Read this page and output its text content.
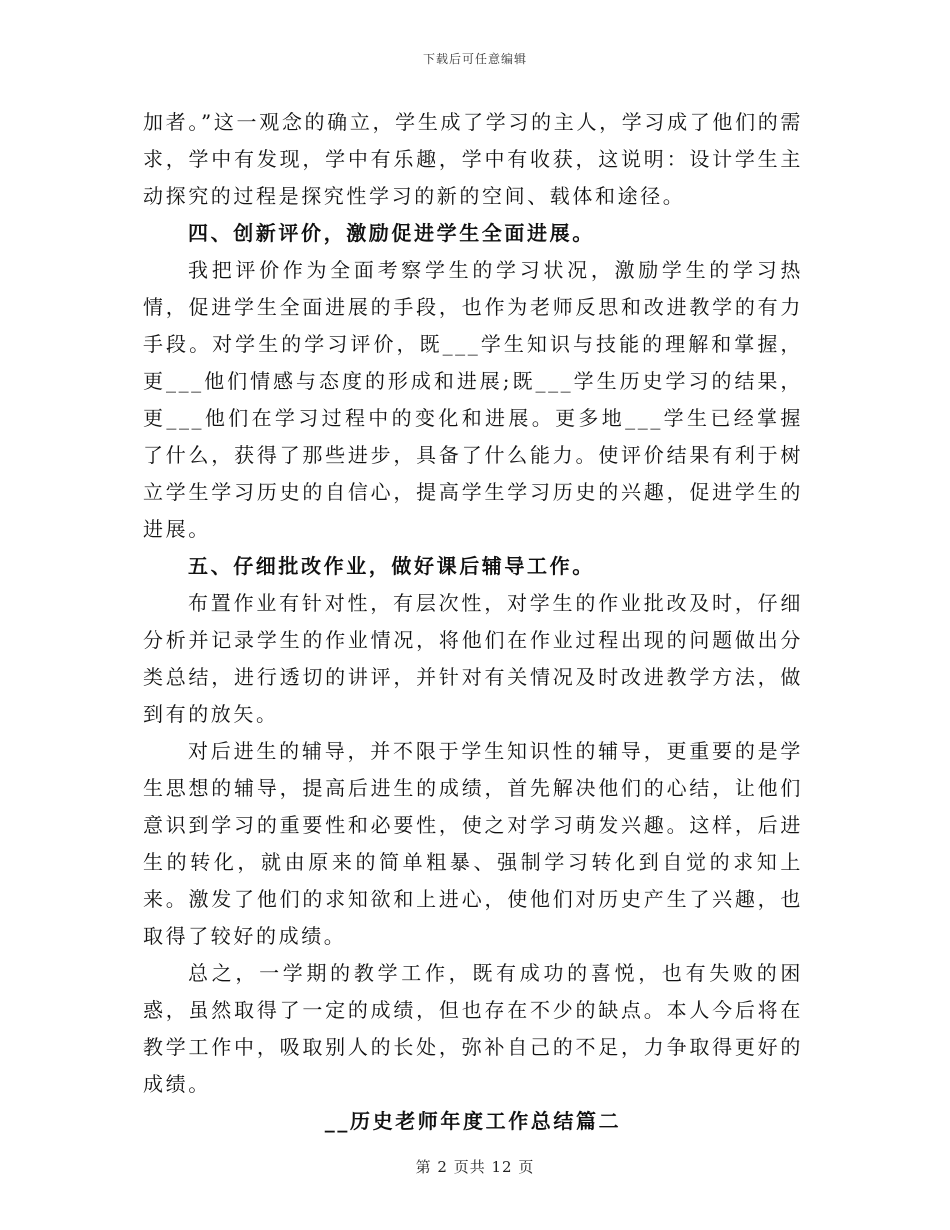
下载后可任意编辑

加者。”这一观念的确立，学生成了学习的主人，学习成了他们的需求，学中有发现，学中有乐趣，学中有收获，这说明：设计学生主动探究的过程是探究性学习的新的空间、载体和途径。

四、创新评价，激励促进学生全面进展。

我把评价作为全面考察学生的学习状况，激励学生的学习热情，促进学生全面进展的手段，也作为老师反思和改进教学的有力手段。对学生的学习评价，既___学生知识与技能的理解和掌握，更___他们情感与态度的形成和进展;既___学生历史学习的结果，更___他们在学习过程中的变化和进展。更多地___学生已经掌握了什么，获得了那些进步，具备了什么能力。使评价结果有利于树立学生学习历史的自信心，提高学生学习历史的兴趣，促进学生的进展。

五、仔细批改作业，做好课后辅导工作。

布置作业有针对性，有层次性，对学生的作业批改及时，仔细分析并记录学生的作业情况，将他们在作业过程出现的问题做出分类总结，进行透切的讲评，并针对有关情况及时改进教学方法，做到有的放矢。

对后进生的辅导，并不限于学生知识性的辅导，更重要的是学生思想的辅导，提高后进生的成绩，首先解决他们的心结，让他们意识到学习的重要性和必要性，使之对学习萌发兴趣。这样，后进生的转化，就由原来的简单粗暴、强制学习转化到自觉的求知上来。激发了他们的求知欲和上进心，使他们对历史产生了兴趣，也取得了较好的成绩。

总之，一学期的教学工作，既有成功的喜悦，也有失败的困惑，虽然取得了一定的成绩，但也存在不少的缺点。本人今后将在教学工作中，吸取别人的长处，弥补自己的不足，力争取得更好的成绩。

__历史老师年度工作总结篇二

第 2 页共 12 页
